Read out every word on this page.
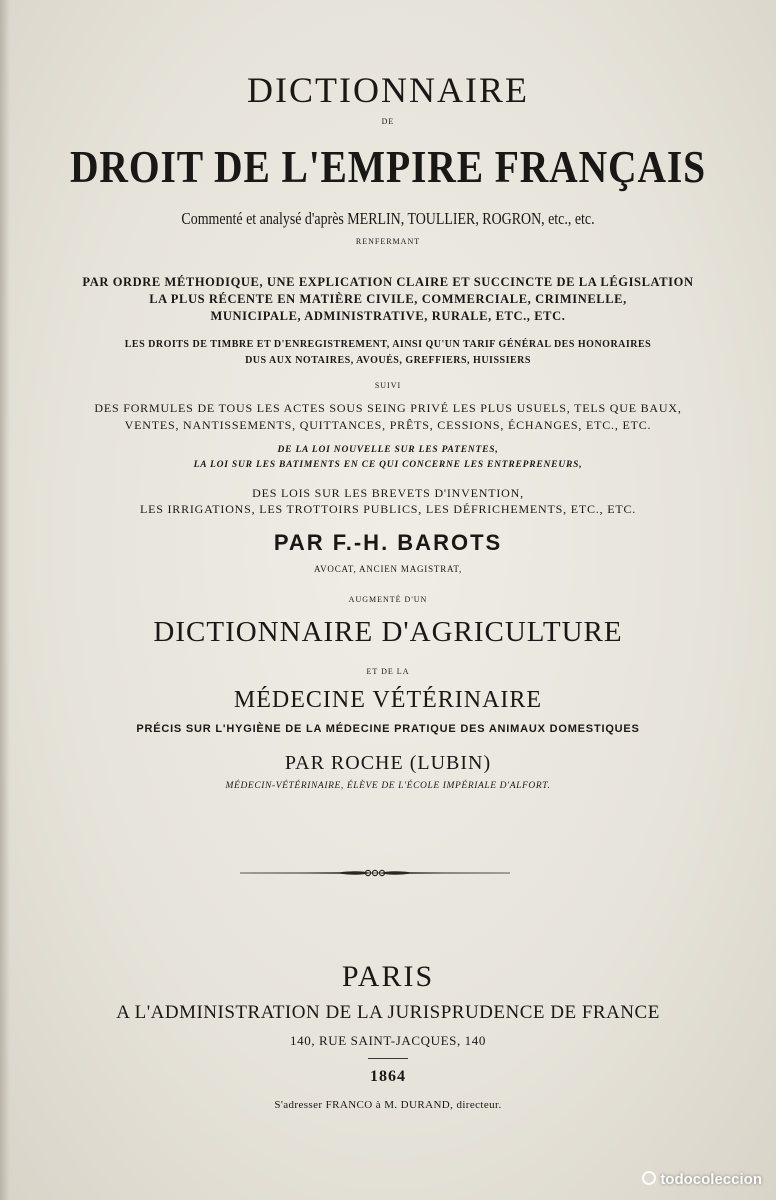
DICTIONNAIRE
DE
DROIT DE L'EMPIRE FRANÇAIS
Commenté et analysé d'après MERLIN, TOULLIER, ROGRON, etc., etc.
RENFERMANT
PAR ORDRE MÉTHODIQUE, UNE EXPLICATION CLAIRE ET SUCCINCTE DE LA LÉGISLATION
LA PLUS RÉCENTE EN MATIÈRE CIVILE, COMMERCIALE, CRIMINELLE,
MUNICIPALE, ADMINISTRATIVE, RURALE, ETC., ETC.
LES DROITS DE TIMBRE ET D'ENREGISTREMENT, AINSI QU'UN TARIF GÉNÉRAL DES HONORAIRES
DUS AUX NOTAIRES, AVOUÉS, GREFFIERS, HUISSIERS
SUIVI
DES FORMULES DE TOUS LES ACTES SOUS SEING PRIVÉ LES PLUS USUELS, TELS QUE BAUX,
VENTES, NANTISSEMENTS, QUITTANCES, PRÊTS, CESSIONS, ÉCHANGES, ETC., ETC.
DE LA LOI NOUVELLE SUR LES PATENTES,
LA LOI SUR LES BATIMENTS EN CE QUI CONCERNE LES ENTREPRENEURS,
DES LOIS SUR LES BREVETS D'INVENTION,
LES IRRIGATIONS, LES TROTTOIRS PUBLICS, LES DÉFRICHEMENTS, ETC., ETC.
PAR F.-H. BAROTS
AVOCAT, ANCIEN MAGISTRAT,
AUGMENTÉ D'UN
DICTIONNAIRE D'AGRICULTURE
ET DE LA
MÉDECINE VÉTÉRINAIRE
PRÉCIS SUR L'HYGIÈNE DE LA MÉDECINE PRATIQUE DES ANIMAUX DOMESTIQUES
PAR ROCHE (LUBIN)
MÉDECIN-VÉTÉRINAIRE, ÉLÈVE DE L'ÉCOLE IMPÉRIALE D'ALFORT.
PARIS
A L'ADMINISTRATION DE LA JURISPRUDENCE DE FRANCE
140, RUE SAINT-JACQUES, 140
1864
S'adresser FRANCO à M. DURAND, directeur.
todocoleccion
